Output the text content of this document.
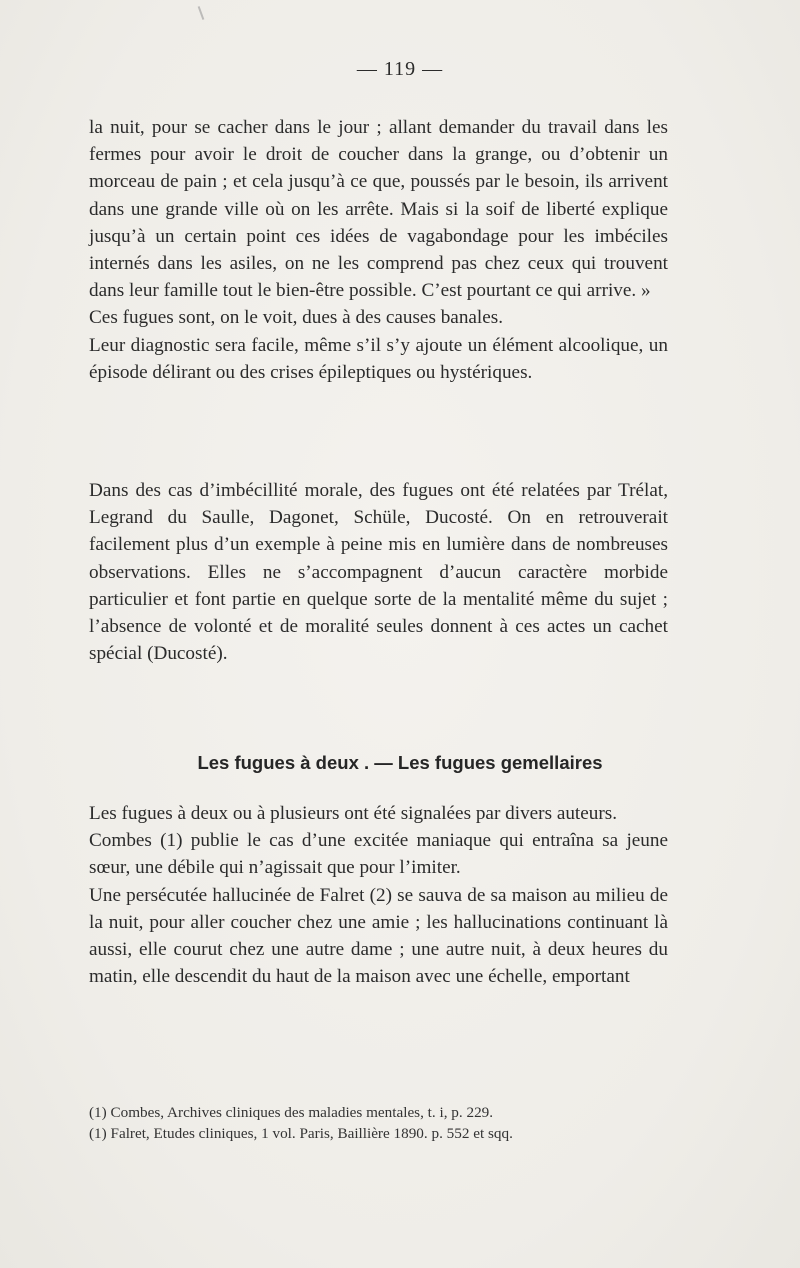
— 119 —

la nuit, pour se cacher dans le jour ; allant demander du travail dans les fermes pour avoir le droit de coucher dans la grange, ou d’obtenir un morceau de pain ; et cela jusqu’à ce que, poussés par le besoin, ils arrivent dans une grande ville où on les arrête. Mais si la soif de liberté explique jusqu’à un certain point ces idées de vagabondage pour les imbéciles internés dans les asiles, on ne les comprend pas chez ceux qui trouvent dans leur famille tout le bien-être possible. C’est pourtant ce qui arrive. »

Ces fugues sont, on le voit, dues à des causes banales.

Leur diagnostic sera facile, même s’il s’y ajoute un élément alcoolique, un épisode délirant ou des crises épileptiques ou hystériques.

Dans des cas d’imbécillité morale, des fugues ont été relatées par Trélat, Legrand du Saulle, Dagonet, Schüle, Ducosté. On en retrouverait facilement plus d’un exemple à peine mis en lumière dans de nombreuses observations. Elles ne s’accompagnent d’aucun caractère morbide particulier et font partie en quelque sorte de la mentalité même du sujet ; l’absence de volonté et de moralité seules donnent à ces actes un cachet spécial (Ducosté).

Les fugues à deux . — Les fugues gemellaires

Les fugues à deux ou à plusieurs ont été signalées par divers auteurs.

Combes (1) publie le cas d’une excitée maniaque qui entraîna sa jeune sœur, une débile qui n’agissait que pour l’imiter.

Une persécutée hallucinée de Falret (2) se sauva de sa maison au milieu de la nuit, pour aller coucher chez une amie ; les hallucinations continuant là aussi, elle courut chez une autre dame ; une autre nuit, à deux heures du matin, elle descendit du haut de la maison avec une échelle, emportant

(1) Combes, Archives cliniques des maladies mentales, t. i, p. 229.
(1) Falret, Etudes cliniques, 1 vol. Paris, Baillière 1890. p. 552 et sqq.
